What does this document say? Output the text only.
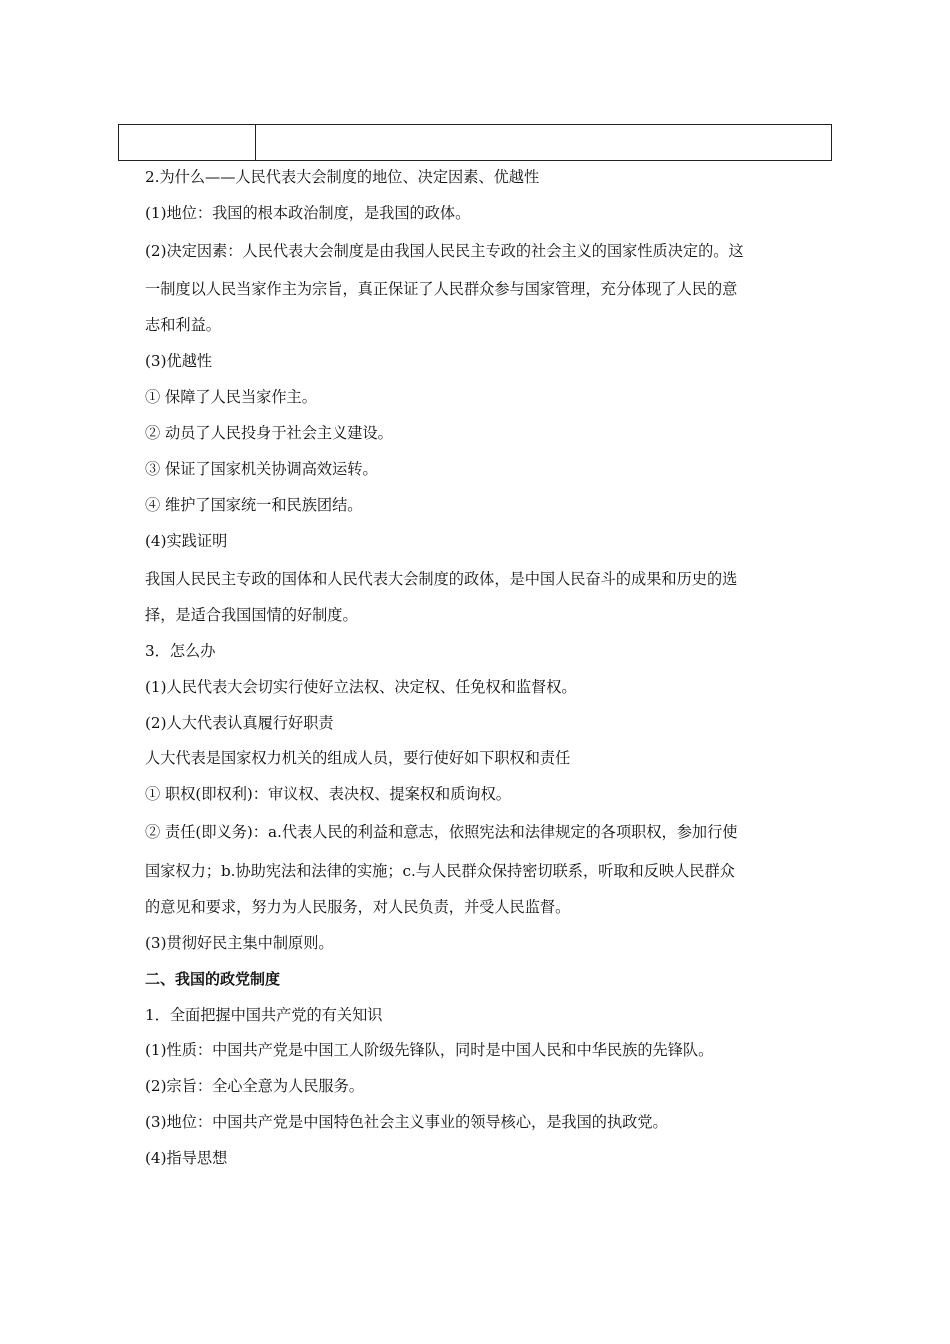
2.为什么——人民代表大会制度的地位、决定因素、优越性
(1)地位：我国的根本政治制度，是我国的政体。
(2)决定因素：人民代表大会制度是由我国人民民主专政的社会主义的国家性质决定的。这
一制度以人民当家作主为宗旨，真正保证了人民群众参与国家管理，充分体现了人民的意
志和利益。
(3)优越性
① 保障了人民当家作主。
② 动员了人民投身于社会主义建设。
③ 保证了国家机关协调高效运转。
④ 维护了国家统一和民族团结。
(4)实践证明
我国人民民主专政的国体和人民代表大会制度的政体，是中国人民奋斗的成果和历史的选
择，是适合我国国情的好制度。
3．怎么办
(1)人民代表大会切实行使好立法权、决定权、任免权和监督权。
(2)人大代表认真履行好职责
人大代表是国家权力机关的组成人员，要行使好如下职权和责任
① 职权(即权利)：审议权、表决权、提案权和质询权。
② 责任(即义务)：a.代表人民的利益和意志，依照宪法和法律规定的各项职权，参加行使
国家权力；b.协助宪法和法律的实施；c.与人民群众保持密切联系，听取和反映人民群众
的意见和要求，努力为人民服务，对人民负责，并受人民监督。
(3)贯彻好民主集中制原则。
二、我国的政党制度
1．全面把握中国共产党的有关知识
(1)性质：中国共产党是中国工人阶级先锋队，同时是中国人民和中华民族的先锋队。
(2)宗旨：全心全意为人民服务。
(3)地位：中国共产党是中国特色社会主义事业的领导核心，是我国的执政党。
(4)指导思想
